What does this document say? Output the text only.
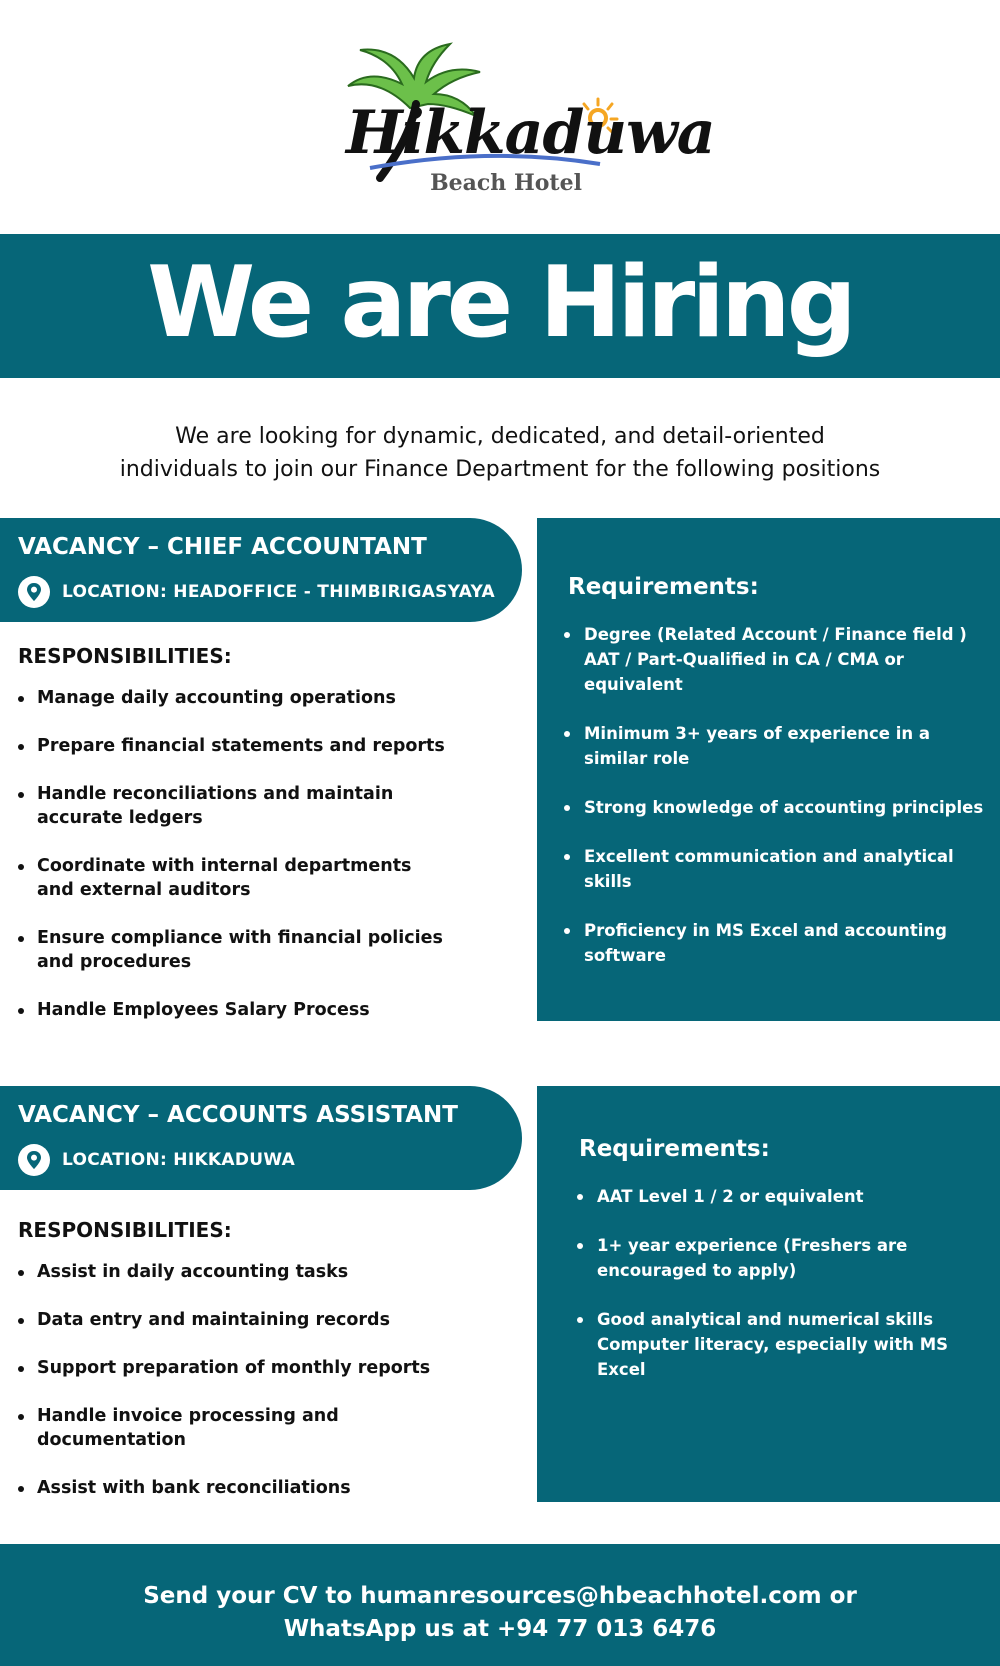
Hikkaduwa
Beach Hotel
We are Hiring
We are looking for dynamic, dedicated, and detail-oriented
individuals to join our Finance Department for the following positions
VACANCY – CHIEF ACCOUNTANT
LOCATION: HEADOFFICE - THIMBIRIGASYAYA
RESPONSIBILITIES:
Manage daily accounting operations
Prepare financial statements and reports
Handle reconciliations and maintain accurate ledgers
Coordinate with internal departments and external auditors
Ensure compliance with financial policies and procedures
Handle Employees Salary Process
Requirements:
Degree (Related Account / Finance field ) AAT / Part-Qualified in CA / CMA or equivalent
Minimum 3+ years of experience in a similar role
Strong knowledge of accounting principles
Excellent communication and analytical skills
Proficiency in MS Excel and accounting software
VACANCY – ACCOUNTS ASSISTANT
LOCATION: HIKKADUWA
RESPONSIBILITIES:
Assist in daily accounting tasks
Data entry and maintaining records
Support preparation of monthly reports
Handle invoice processing and documentation
Assist with bank reconciliations
Requirements:
AAT Level 1 / 2 or equivalent
1+ year experience (Freshers are encouraged to apply)
Good analytical and numerical skills Computer literacy, especially with MS Excel
Send your CV to humanresources@hbeachhotel.com or
WhatsApp us at +94 77 013 6476
